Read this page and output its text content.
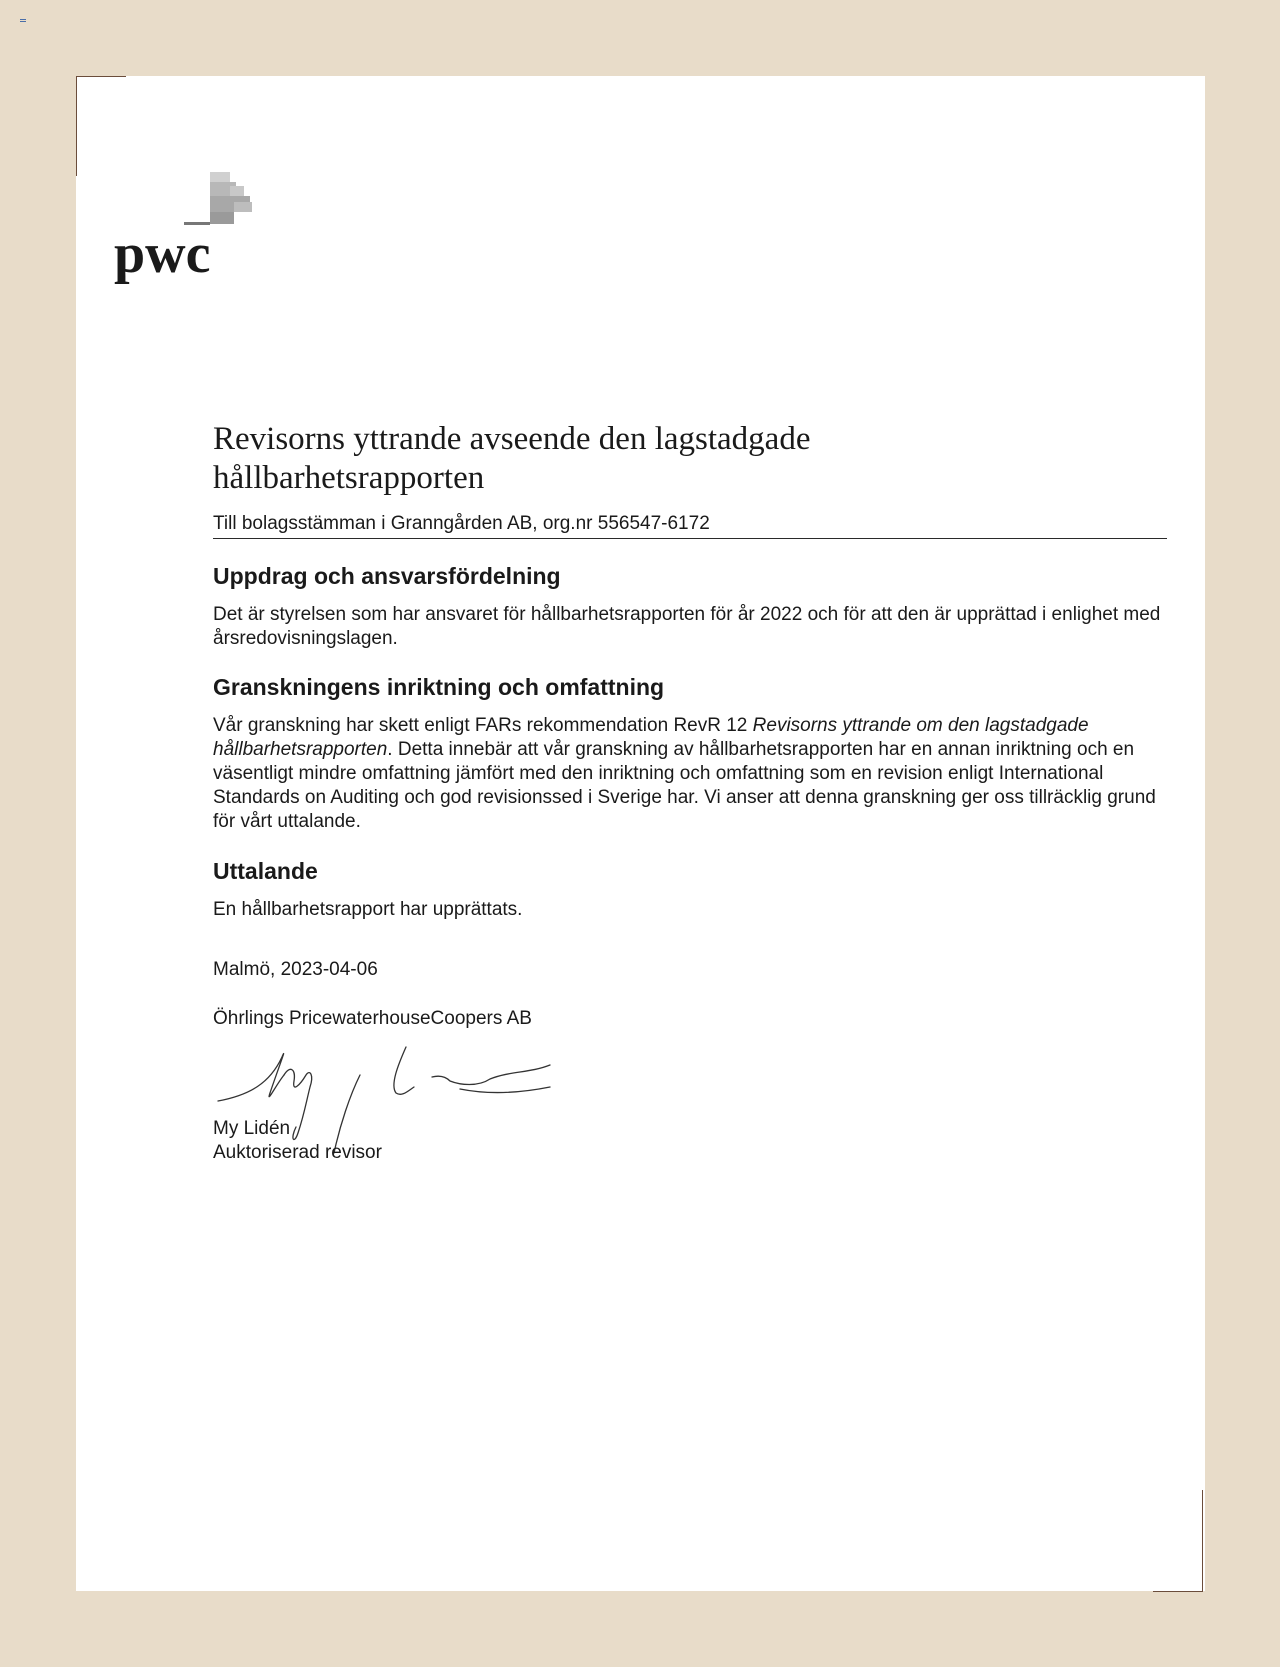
pwc
Revisorns yttrande avseende den lagstadgade
hållbarhetsrapporten
Till bolagsstämman i Granngården AB, org.nr 556547-6172
Uppdrag och ansvarsfördelning
Det är styrelsen som har ansvaret för hållbarhetsrapporten för år 2022 och för att den är upprättad i enlighet med årsredovisningslagen.
Granskningens inriktning och omfattning
Vår granskning har skett enligt FARs rekommendation RevR 12 Revisorns yttrande om den lagstadgade hållbarhetsrapporten. Detta innebär att vår granskning av hållbarhetsrapporten har en annan inriktning och en väsentligt mindre omfattning jämfört med den inriktning och omfattning som en revision enligt International Standards on Auditing och god revisionssed i Sverige har. Vi anser att denna granskning ger oss tillräcklig grund för vårt uttalande.
Uttalande
En hållbarhetsrapport har upprättats.
Malmö, 2023-04-06
Öhrlings PricewaterhouseCoopers AB
My Lidén
Auktoriserad revisor
